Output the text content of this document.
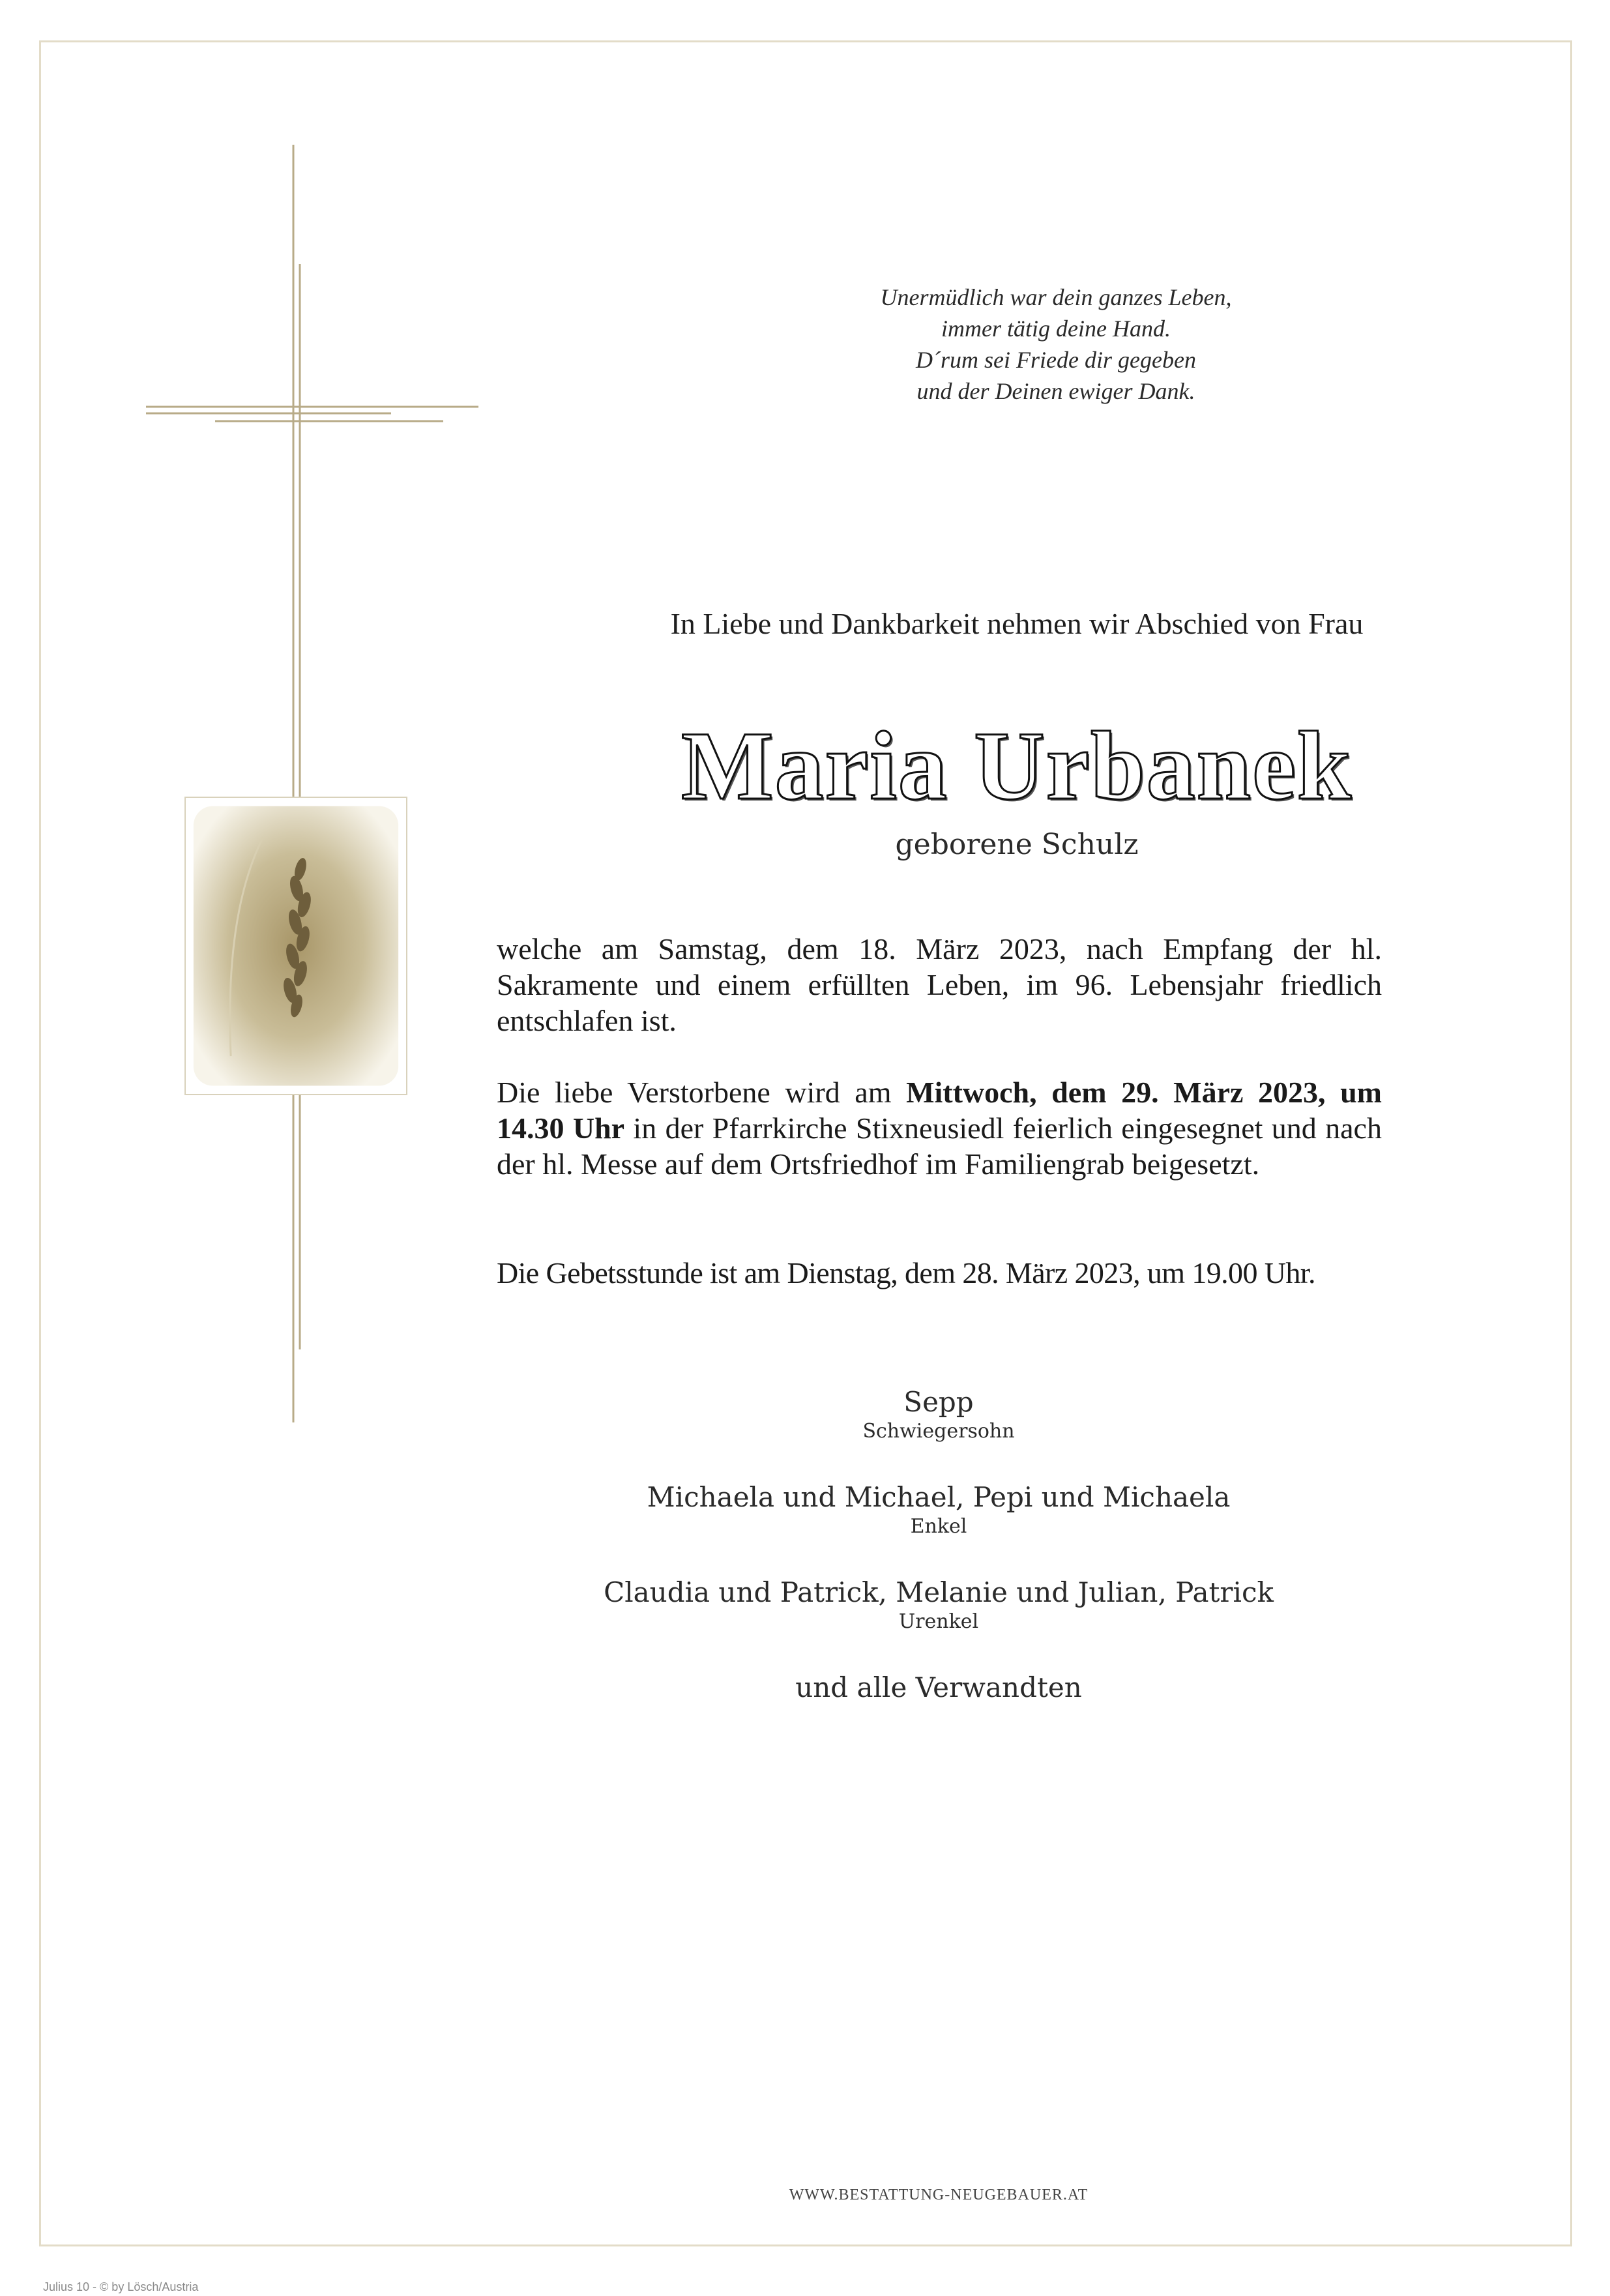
Unermüdlich war dein ganzes Leben,
immer tätig deine Hand.
D´rum sei Friede dir gegeben
und der Deinen ewiger Dank.
In Liebe und Dankbarkeit nehmen wir Abschied von Frau
Maria Urbanek
geborene Schulz
welche am Samstag, dem 18. März 2023, nach Empfang der hl. Sakramente und einem erfüllten Leben, im 96. Lebensjahr friedlich entschlafen ist.
Die liebe Verstorbene wird am Mittwoch, dem 29. März 2023, um 14.30 Uhr in der Pfarrkirche Stixneusiedl feierlich eingesegnet und nach der hl. Messe auf dem Ortsfriedhof im Familiengrab beigesetzt.
Die Gebetsstunde ist am Dienstag, dem 28. März 2023, um 19.00 Uhr.
Sepp
Schwiegersohn
Michaela und Michael, Pepi und Michaela
Enkel
Claudia und Patrick, Melanie und Julian, Patrick
Urenkel
und alle Verwandten
WWW.BESTATTUNG-NEUGEBAUER.AT
Julius 10 - © by Lösch/Austria
